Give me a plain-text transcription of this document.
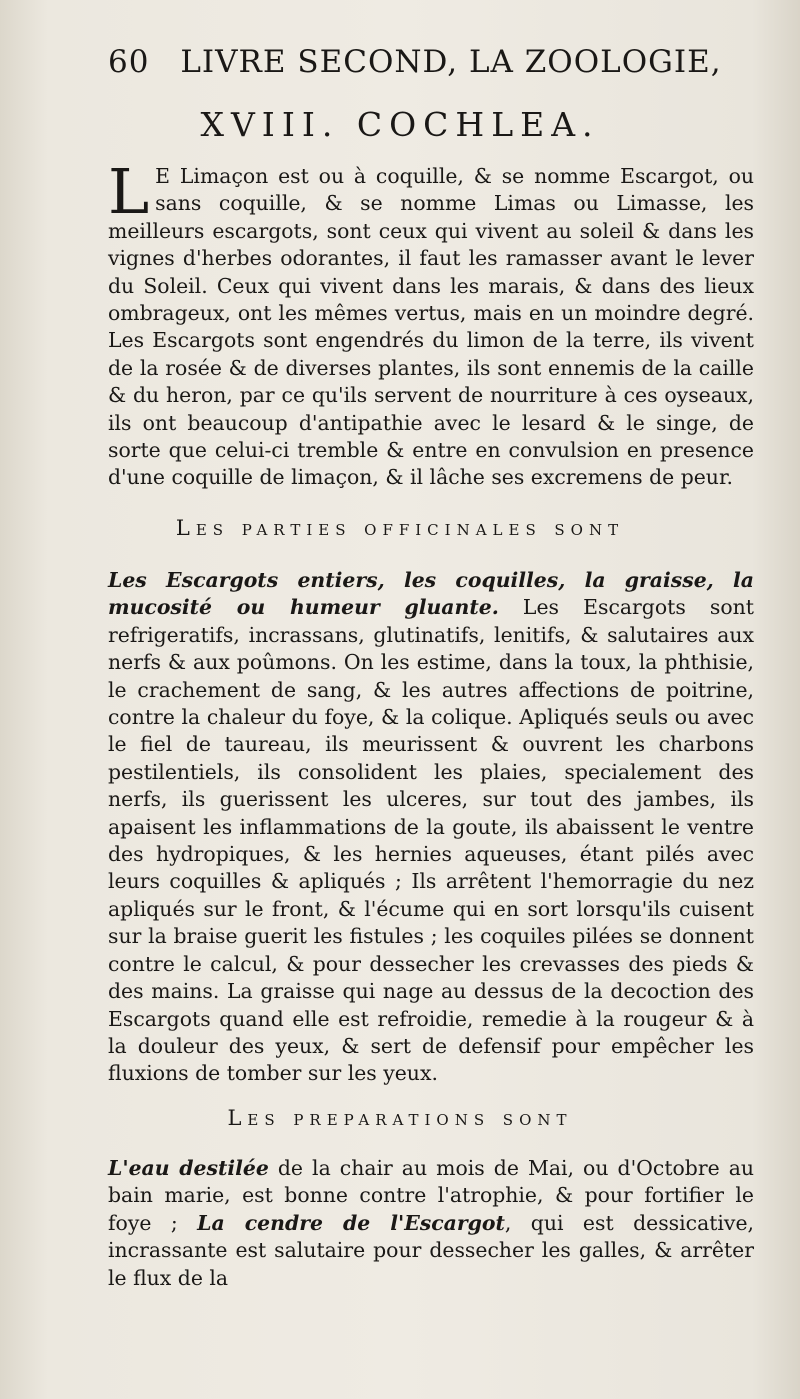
60 LIVRE SECOND, LA ZOOLOGIE,
XVIII. COCHLEA.
L E Limaçon est ou à coquille, & se nomme Escargot, ou sans coquille, & se nomme Limas ou Limasse, les meilleurs escargots, sont ceux qui vivent au soleil & dans les vignes d'herbes odorantes, il faut les ramasser avant le lever du Soleil. Ceux qui vivent dans les marais, & dans des lieux ombrageux, ont les mêmes vertus, mais en un moindre degré. Les Escargots sont engendrés du limon de la terre, ils vivent de la rosée & de diverses plantes, ils sont ennemis de la caille & du heron, par ce qu'ils servent de nourriture à ces oyseaux, ils ont beaucoup d'antipathie avec le lesard & le singe, de sorte que celui-ci tremble & entre en convulsion en presence d'une coquille de limaçon, & il lâche ses excremens de peur.
Les parties officinales sont
Les Escargots entiers, les coquilles, la graisse, la mucosité ou humeur gluante. Les Escargots sont refrigeratifs, incrassans, glutinatifs, lenitifs, & salutaires aux nerfs & aux poûmons. On les estime, dans la toux, la phthisie, le crachement de sang, & les autres affections de poitrine, contre la chaleur du foye, & la colique. Apliqués seuls ou avec le fiel de taureau, ils meurissent & ouvrent les charbons pestilentiels, ils consolident les plaies, specialement des nerfs, ils guerissent les ulceres, sur tout des jambes, ils apaisent les inflammations de la goute, ils abaissent le ventre des hydropiques, & les hernies aqueuses, étant pilés avec leurs coquilles & apliqués ; Ils arrêtent l'hemorragie du nez apliqués sur le front, & l'écume qui en sort lorsqu'ils cuisent sur la braise guerit les fistules ; les coquiles pilées se donnent contre le calcul, & pour dessecher les crevasses des pieds & des mains. La graisse qui nage au dessus de la decoction des Escargots quand elle est refroidie, remedie à la rougeur & à la douleur des yeux, & sert de defensif pour empêcher les fluxions de tomber sur les yeux.
Les preparations sont
L'eau destilée de la chair au mois de Mai, ou d'Octobre au bain marie, est bonne contre l'atrophie, & pour fortifier le foye ; La cendre de l'Escargot, qui est dessicative, incrassante est salutaire pour dessecher les galles, & arrêter le flux de la
